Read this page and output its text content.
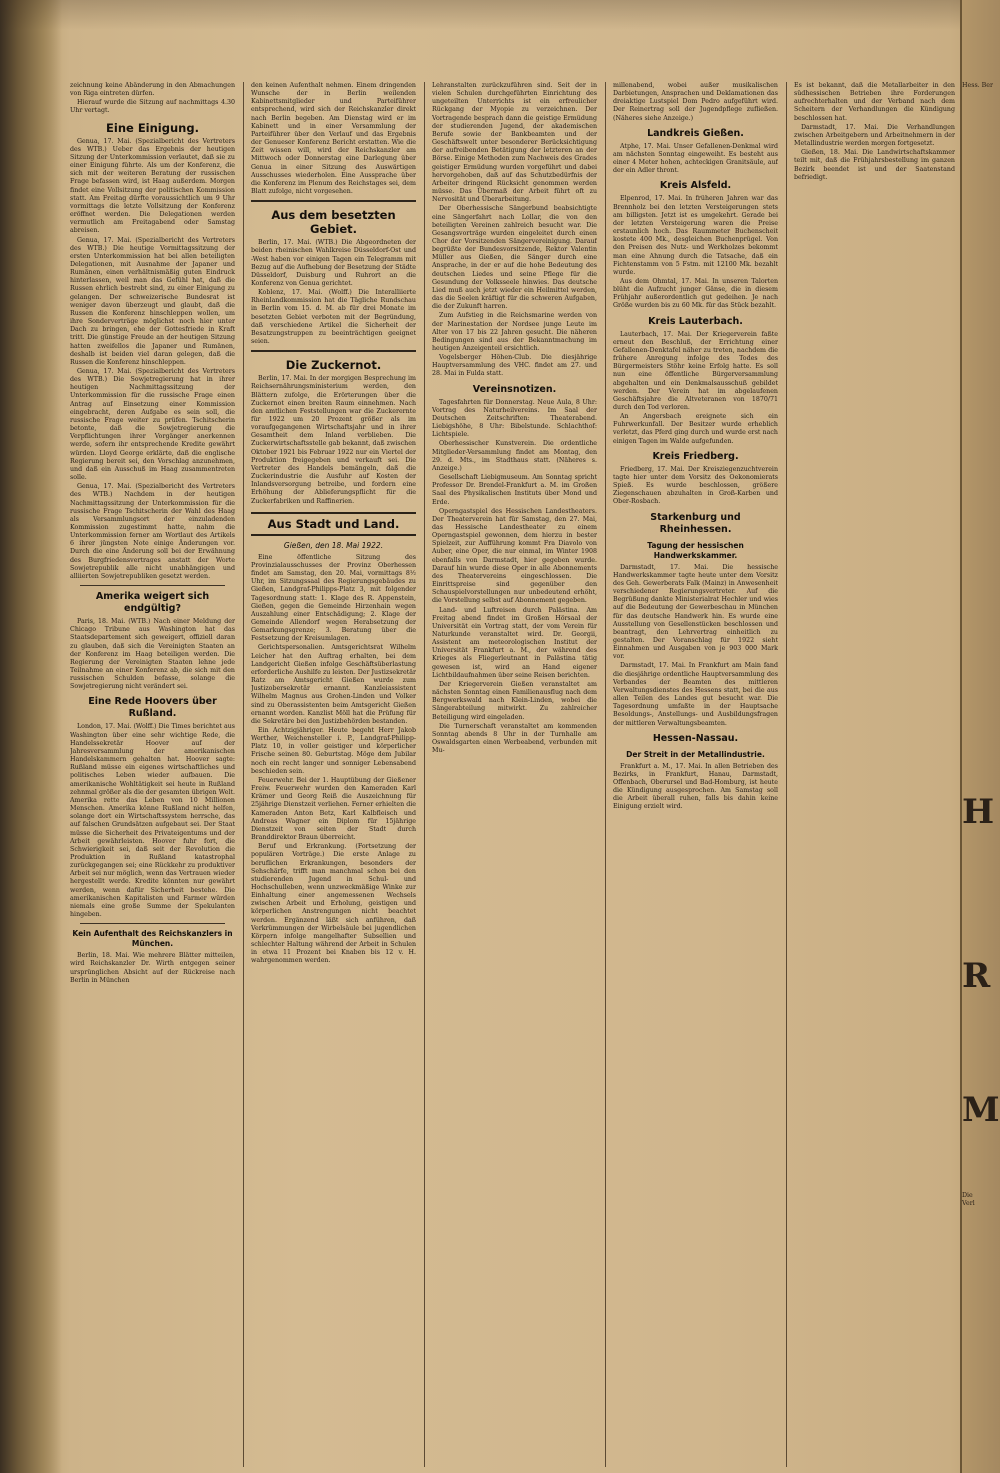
zeichnung keine Abänderung in den Abmachungen von Riga eintreten dürfen.

Hierauf wurde die Sitzung auf nachmittags 4.30 Uhr vertagt.

Eine Einigung.

Genua, 17. Mai. (Spezialbericht des Vertreters des WTB.) Ueber das Ergebnis der heutigen Sitzung der Unterkommission verlautet, daß sie zu einer Einigung führte. Als um der Konferenz, die sich mit der weiteren Beratung der russischen Frage befassen wird, ist Haag außerdem. Morgen findet eine Vollsitzung der politischen Kommission statt. Am Freitag dürfte voraussichtlich um 9 Uhr vormittags die letzte Vollsitzung der Konferenz eröffnet werden. Die Delegationen werden vermutlich am Freitagabend oder Samstag abreisen.

Genua, 17. Mai. (Spezialbericht des Vertreters des WTB.) Die heutige Vormittagssitzung der ersten Unterkommission hat bei allen beteiligten Delegationen, mit Ausnahme der Japaner und Rumänen, einen verhältnismäßig guten Eindruck hinterlassen, weil man das Gefühl hat, daß die Russen ehrlich bestrebt sind, zu einer Einigung zu gelangen. Der schweizerische Bundesrat ist weniger davon überzeugt und glaubt, daß die Russen die Konferenz hinschleppen wollen, um ihre Sonderverträge möglichst noch hier unter Dach zu bringen, ehe der Gottesfriede in Kraft tritt. Die günstige Freude an der heutigen Sitzung hatten zweifellos die Japaner und Rumänen, deshalb ist beiden viel daran gelegen, daß die Russen die Konferenz hinschleppen.

Genua, 17. Mai. (Spezialbericht des Vertreters des WTB.) Die Sowjetregierung hat in ihrer heutigen Nachmittagssitzung der Unterkommission für die russische Frage einen Antrag auf Einsetzung einer Kommission eingebracht, deren Aufgabe es sein soll, die russische Frage weiter zu prüfen. Tschitscherin betonte, daß die Sowjetregierung die Verpflichtungen ihrer Vorgänger anerkennen werde, sofern ihr entsprechende Kredite gewährt würden. Lloyd George erklärte, daß die englische Regierung bereit sei, den Vorschlag anzunehmen, und daß ein Ausschuß im Haag zusammentreten solle.

Genua, 17. Mai. (Spezialbericht des Vertreters des WTB.) Nachdem in der heutigen Nachmittagssitzung der Unterkommission für die russische Frage Tschitscherin der Wahl des Haag als Versammlungsort der einzuladenden Kommission zugestimmt hatte, nahm die Unterkommission ferner am Wortlaut des Artikels 6 ihrer jüngsten Note einige Änderungen vor. Durch die eine Änderung soll bei der Erwähnung des Burgfriedensvertrages anstatt der Worte Sowjetrepublik alle nicht unabhängigen und alliierten Sowjetrepubliken gesetzt werden.

Amerika weigert sich endgültig?

Paris, 18. Mai. (WTB.) Nach einer Meldung der Chicago Tribune aus Washington hat das Staatsdepartement sich geweigert, offiziell daran zu glauben, daß sich die Vereinigten Staaten an der Konferenz im Haag beteiligen werden. Die Regierung der Vereinigten Staaten lehne jede Teilnahme an einer Konferenz ab, die sich mit den russischen Schulden befasse, solange die Sowjetregierung nicht verändert sei.

Eine Rede Hoovers über Rußland.

London, 17. Mai. (Wolff.) Die Times berichtet aus Washington über eine sehr wichtige Rede, die Handelssekretär Hoover auf der Jahresversammlung der amerikanischen Handelskammern gehalten hat. Hoover sagte: Rußland müsse ein eigenes wirtschaftliches und politisches Leben wieder aufbauen. Die amerikanische Wohltätigkeit sei heute in Rußland zehnmal größer als die der gesamten übrigen Welt. Amerika rette das Leben von 10 Millionen Menschen. Amerika könne Rußland nicht helfen, solange dort ein Wirtschaftssystem herrsche, das auf falschen Grundsätzen aufgebaut sei. Der Staat müsse die Sicherheit des Privateigentums und der Arbeit gewährleisten. Hoover fuhr fort, die Schwierigkeit sei, daß seit der Revolution die Produktion in Rußland katastrophal zurückgegangen sei; eine Rückkehr zu produktiver Arbeit sei nur möglich, wenn das Vertrauen wieder hergestellt werde. Kredite könnten nur gewährt werden, wenn dafür Sicherheit bestehe. Die amerikanischen Kapitalisten und Farmer würden niemals eine große Summe der Spekulanten hingeben.

Kein Aufenthalt des Reichskanzlers in München.

Berlin, 18. Mai. Wie mehrere Blätter mitteilen, wird Reichskanzler Dr. Wirth entgegen seiner ursprünglichen Absicht auf der Rückreise nach Berlin in München

den keinen Aufenthalt nehmen. Einem dringenden Wunsche der in Berlin weilenden Kabinettsmitglieder und Parteiführer entsprechend, wird sich der Reichskanzler direkt nach Berlin begeben. Am Dienstag wird er im Kabinett und in einer Versammlung der Parteiführer über den Verlauf und das Ergebnis der Genueser Konferenz Bericht erstatten. Wie die Zeit wissen will, wird der Reichskanzler am Mittwoch oder Donnerstag eine Darlegung über Genua in einer Sitzung des Auswärtigen Ausschusses wiederholen. Eine Aussprache über die Konferenz im Plenum des Reichstages sei, dem Blatt zufolge, nicht vorgesehen.

Aus dem besetzten Gebiet.

Berlin, 17. Mai. (WTB.) Die Abgeordneten der beiden rheinischen Wahlkreise Düsseldorf-Ost und -West haben vor einigen Tagen ein Telegramm mit Bezug auf die Aufhebung der Besetzung der Städte Düsseldorf, Duisburg und Ruhrort an die Konferenz von Genua gerichtet.

Koblenz, 17. Mai. (Wolff.) Die Interalliierte Rheinlandkommission hat die Tägliche Rundschau in Berlin vom 15. d. M. ab für drei Monate im besetzten Gebiet verboten mit der Begründung, daß verschiedene Artikel die Sicherheit der Besatzungstruppen zu beeinträchtigen geeignet seien.

Die Zuckernot.

Berlin, 17. Mai. In der morgigen Besprechung im Reichsernährungsministerium werden, den Blättern zufolge, die Erörterungen über die Zuckernot einen breiten Raum einnehmen. Nach den amtlichen Feststellungen war die Zuckerernte für 1922 um 20 Prozent größer als im voraufgegangenen Wirtschaftsjahr und in ihrer Gesamtheit dem Inland verblieben. Die Zuckerwirtschaftsstelle gab bekannt, daß zwischen Oktober 1921 bis Februar 1922 nur ein Viertel der Produktion freigegeben und verkauft sei. Die Vertreter des Handels bemängeln, daß die Zuckerindustrie die Ausfuhr auf Kosten der Inlandsversorgung betreibe, und fordern eine Erhöhung der Ablieferungspflicht für die Zuckerfabriken und Raffinerien.

Aus Stadt und Land.
Gießen, den 18. Mai 1922.

Eine öffentliche Sitzung des Provinzialausschusses der Provinz Oberhessen findet am Samstag, den 20. Mai, vormittags 8½ Uhr, im Sitzungssaal des Regierungsgebäudes zu Gießen, Landgraf-Philipps-Platz 3, mit folgender Tagesordnung statt: 1. Klage des R. Appenstein, Gießen, gegen die Gemeinde Hirzenhain wegen Auszahlung einer Entschädigung; 2. Klage der Gemeinde Allendorf wegen Herabsetzung der Gemarkungsgrenze; 3. Beratung über die Festsetzung der Kreisumlagen.

Gerichtspersonalien. Amtsgerichtsrat Wilhelm Leicher hat den Auftrag erhalten, bei dem Landgericht Gießen infolge Geschäftsüberlastung erforderliche Aushilfe zu leisten. Der Justizsekretär Ratz am Amtsgericht Gießen wurde zum Justizobersekretär ernannt. Kanzleiassistent Wilhelm Magnus aus Grohen-Linden und Volker sind zu Oberassistenten beim Amtsgericht Gießen ernannt worden. Kanzlist Möll hat die Prüfung für die Sekretäre bei den Justizbehörden bestanden.

Ein Achtzigjähriger. Heute begeht Herr Jakob Werther, Weichensteller i. P., Landgraf-Philipp-Platz 10, in voller geistiger und körperlicher Frische seinen 80. Geburtstag. Möge dem Jubilar noch ein recht langer und sonniger Lebensabend beschieden sein.

Feuerwehr. Bei der 1. Hauptübung der Gießener Freiw. Feuerwehr wurden den Kameraden Karl Krämer und Georg Reiß die Auszeichnung für 25jährige Dienstzeit verliehen. Ferner erhielten die Kameraden Anton Betz, Karl Kalbfleisch und Andreas Wagner ein Diplom für 15jährige Dienstzeit von seiten der Stadt durch Branddirektor Braun überreicht.

Beruf und Erkrankung. (Fortsetzung der populären Vorträge.) Die erste Anlage zu beruflichen Erkrankungen, besonders der Sehschärfe, trifft man manchmal schon bei den studierenden Jugend in Schul- und Hochschulleben, wenn unzweckmäßige Winke zur Einhaltung einer angemessenen Wechsels zwischen Arbeit und Erholung, geistigen und körperlichen Anstrengungen nicht beachtet werden. Ergänzend läßt sich anführen, daß Verkrümmungen der Wirbelsäule bei jugendlichen Körpern infolge mangelhafter Subsellien und schlechter Haltung während der Arbeit in Schulen in etwa 11 Prozent bei Knaben bis 12 v. H. wahrgenommen werden.

Lehranstalten zurückzuführen sind. Seit der in vielen Schulen durchgeführten Einrichtung des ungeteilten Unterrichts ist ein erfreulicher Rückgang der Myopie zu verzeichnen. Der Vortragende besprach dann die geistige Ermüdung der studierenden Jugend, der akademischen Berufe sowie der Bankbeamten und der Geschäftswelt unter besonderer Berücksichtigung der aufreibenden Betätigung der letzteren an der Börse. Einige Methoden zum Nachweis des Grades geistiger Ermüdung wurden vorgeführt und dabei hervorgehoben, daß auf das Schutzbedürfnis der Arbeiter dringend Rücksicht genommen werden müsse. Das Übermaß der Arbeit führt oft zu Nervosität und Überarbeitung.

Der Oberhessische Sängerbund beabsichtigte eine Sängerfahrt nach Lollar, die von den beteiligten Vereinen zahlreich besucht war. Die Gesangsvorträge wurden eingeleitet durch einen Chor der Vorsitzenden Sängervereinigung. Darauf begrüßte der Bundesvorsitzende, Rektor Valentin Müller aus Gießen, die Sänger durch eine Ansprache, in der er auf die hohe Bedeutung des deutschen Liedes und seine Pflege für die Gesundung der Volksseele hinwies. Das deutsche Lied muß auch jetzt wieder ein Heilmittel werden, das die Seelen kräftigt für die schweren Aufgaben, die der Zukunft harren.

Zum Aufstieg in die Reichsmarine werden von der Marinestation der Nordsee junge Leute im Alter von 17 bis 22 Jahren gesucht. Die näheren Bedingungen sind aus der Bekanntmachung im heutigen Anzeigenteil ersichtlich.

Vogelsberger Höhen-Club. Die diesjährige Hauptversammlung des VHC. findet am 27. und 28. Mai in Fulda statt.

Vereinsnotizen.

Tagesfahrten für Donnerstag. Neue Aula, 8 Uhr: Vortrag des Naturheilvereins. Im Saal der Deutschen Zeitschriften: Theaterabend. Liebigshöhe, 8 Uhr: Bibelstunde. Schlachthof: Lichtspiele.

Oberhessischer Kunstverein. Die ordentliche Mitglieder-Versammlung findet am Montag, den 29. d. Mts., im Stadthaus statt. (Näheres s. Anzeige.)

Gesellschaft Liebigmuseum. Am Sonntag spricht Professor Dr. Brendel-Frankfurt a. M. im Großen Saal des Physikalischen Instituts über Mond und Erde.

Operngastspiel des Hessischen Landestheaters. Der Theaterverein hat für Samstag, den 27. Mai, das Hessische Landestheater zu einem Operngastspiel gewonnen, dem hierzu in bester Spielzeit, zur Aufführung kommt Fra Diavolo von Auber, eine Oper, die nur einmal, im Winter 1908 ebenfalls von Darmstadt, hier gegeben wurde. Darauf hin wurde diese Oper in alle Abonnements des Theatervereins eingeschlossen. Die Einrittspreise sind gegenüber den Schauspielvorstellungen nur unbedeutend erhöht, die Vorstellung selbst auf Abonnement gegeben.

Land- und Luftreisen durch Palästina. Am Freitag abend findet im Großen Hörsaal der Universität ein Vortrag statt, der vom Verein für Naturkunde veranstaltet wird. Dr. Georgii, Assistent am meteorologischen Institut der Universität Frankfurt a. M., der während des Krieges als Fliegerleutnant in Palästina tätig gewesen ist, wird an Hand eigener Lichtbildaufnahmen über seine Reisen berichten.

Der Kriegerverein Gießen veranstaltet am nächsten Sonntag einen Familienausflug nach dem Bergwerkswald nach Klein-Linden, wobei die Sängerabteilung mitwirkt. Zu zahlreicher Beteiligung wird eingeladen.

Die Turnerschaft veranstaltet am kommenden Sonntag abends 8 Uhr in der Turnhalle am Oswaldsgarten einen Werbeabend, verbunden mit Mu-

millenabend, wobei außer musikalischen Darbietungen, Ansprachen und Deklamationen das dreiaktige Lustspiel Dom Pedro aufgeführt wird. Der Reinertrag soll der Jugendpflege zufließen. (Näheres siehe Anzeige.)

Landkreis Gießen.

Atphe, 17. Mai. Unser Gefallenen-Denkmal wird am nächsten Sonntag eingeweiht. Es besteht aus einer 4 Meter hohen, achteckigen Granitsäule, auf der ein Adler thront.

Kreis Alsfeld.

Elpenrod, 17. Mai. In früheren Jahren war das Brennholz bei den letzten Versteigerungen stets am billigsten. Jetzt ist es umgekehrt. Gerade bei der letzten Versteigerung waren die Preise erstaunlich hoch. Das Raummeter Buchenscheit kostete 400 Mk., desgleichen Buchenprügel. Von den Preisen des Nutz- und Werkholzes bekommt man eine Ahnung durch die Tatsache, daß ein Fichtenstamm von 5 Fstm. mit 12100 Mk. bezahlt wurde.

Aus dem Ohmtal, 17. Mai. In unseren Talorten blüht die Aufzucht junger Gänse, die in diesem Frühjahr außerordentlich gut gedeihen. Je nach Größe wurden bis zu 60 Mk. für das Stück bezahlt.

Kreis Lauterbach.

Lauterbach, 17. Mai. Der Kriegerverein faßte erneut den Beschluß, der Errichtung einer Gefallenen-Denktafel näher zu treten, nachdem die frühere Anregung infolge des Todes des Bürgermeisters Stöhr keine Erfolg hatte. Es soll nun eine öffentliche Bürgerversammlung abgehalten und ein Denkmalsausschuß gebildet werden. Der Verein hat im abgelaufenen Geschäftsjahre die Altveteranen von 1870/71 durch den Tod verloren.

An Angersbach ereignete sich ein Fuhrwerkunfall. Der Besitzer wurde erheblich verletzt, das Pferd ging durch und wurde erst nach einigen Tagen im Walde aufgefunden.

Kreis Friedberg.

Friedberg, 17. Mai. Der Kreisziegenzuchtverein tagte hier unter dem Vorsitz des Oekonomierats Spieß. Es wurde beschlossen, größere Ziegenschauen abzuhalten in Groß-Karben und Ober-Rosbach.

Starkenburg und Rheinhessen.
Tagung der hessischen Handwerkskammer.

Darmstadt, 17. Mai. Die hessische Handwerkskammer tagte heute unter dem Vorsitz des Geh. Gewerberats Falk (Mainz) in Anwesenheit verschiedener Regierungsvertreter. Auf die Begrüßung dankte Ministerialrat Hechler und wies auf die Bedeutung der Gewerbeschau in München für das deutsche Handwerk hin. Es wurde eine Ausstellung von Gesellenstücken beschlossen und beantragt, den Lehrvertrag einheitlich zu gestalten. Der Voranschlag für 1922 sieht Einnahmen und Ausgaben von je 903 000 Mark vor.

Darmstadt, 17. Mai. In Frankfurt am Main fand die diesjährige ordentliche Hauptversammlung des Verbandes der Beamten des mittleren Verwaltungsdienstes des Hessens statt, bei die aus allen Teilen des Landes gut besucht war. Die Tagesordnung umfaßte in der Hauptsache Besoldungs-, Anstellungs- und Ausbildungsfragen der mittleren Verwaltungsbeamten.

Hessen-Nassau.
Der Streit in der Metallindustrie.

Frankfurt a. M., 17. Mai. In allen Betrieben des Bezirks, in Frankfurt, Hanau, Darmstadt, Offenbach, Oberursel und Bad-Homburg, ist heute die Kündigung ausgesprochen. Am Samstag soll die Arbeit überall ruhen, falls bis dahin keine Einigung erzielt wird.

Es ist bekannt, daß die Metallarbeiter in den südhessischen Betrieben ihre Forderungen aufrechterhalten und der Verband nach dem Scheitern der Verhandlungen die Kündigung beschlossen hat.

Darmstadt, 17. Mai. Die Verhandlungen zwischen Arbeitgebern und Arbeitnehmern in der Metallindustrie werden morgen fortgesetzt.

Gießen, 18. Mai. Die Landwirtschaftskammer teilt mit, daß die Frühjahrsbestellung im ganzen Bezirk beendet ist und der Saatenstand befriedigt.

Hess. Ber
H
R
M
Die
Verl
